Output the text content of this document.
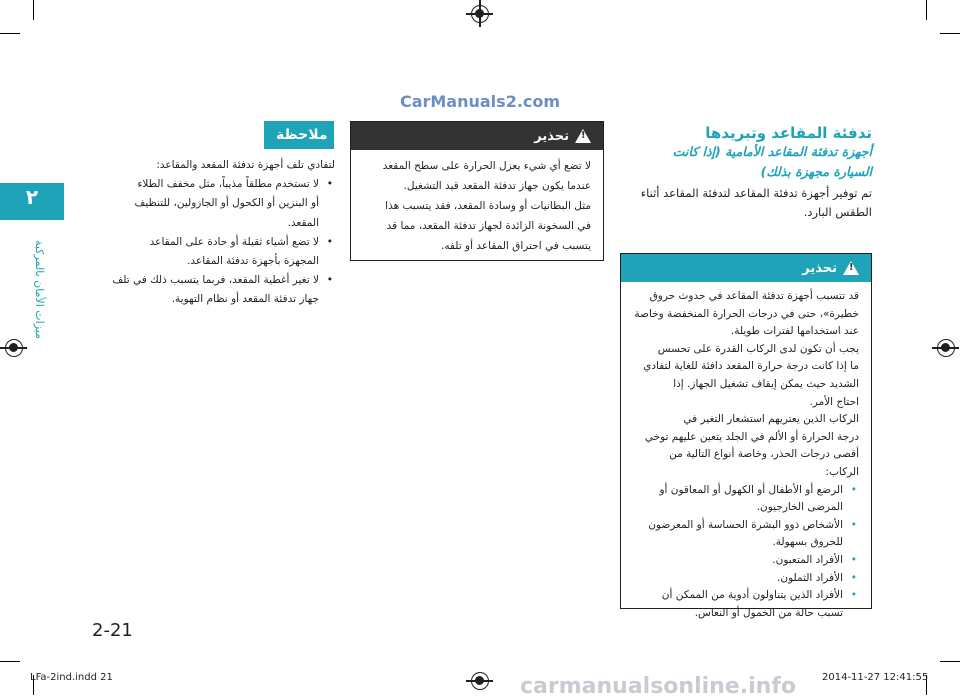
CarManuals2.com
٢
ميزات الأمان بالمركبة
تدفئة المقاعد وتبريدها
أجهزة تدفئة المقاعد الأمامية (إذا كانت
السيارة مجهزة بذلك)
تم توفير أجهزة تدفئة المقاعد لتدفئة المقاعد أثناء
الطقس البارد.
تحذير
!
قد تتسبب أجهزة تدفئة المقاعد في حدوث حروق
خطيرة»، حتى في درجات الحرارة المنخفضة وخاصة
عند استخدامها لفترات طويلة.
يجب أن تكون لدى الركاب القدرة على تحسس
ما إذا كانت درجة حرارة المقعد دافئة للغاية لتفادي
الشديد حيث يمكن إيقاف تشغيل الجهاز. إذا
احتاج الأمر.
الركاب الذين يعتريهم استشعار التغير في
درجة الحرارة أو الألم في الجلد يتعين عليهم توخي
أقصى درجات الحذر، وخاصة أنواع التالية من
الركاب:
• الرضع أو الأطفال أو الكهول أو المعاقون أو
المرضى الخارجيون.
• الأشخاص ذوو البشرة الحساسة أو المعرضون
للحروق بسهولة.
• الأفراد المتعبون.
• الأفراد الثملون.
• الأفراد الذين يتناولون أدوية من الممكن أن
تسبب حالة من الخمول أو النعاس.
تحذير
!
لا تضع أي شيء يعزل الحرارة على سطح المقعد
عندما يكون جهاز تدفئة المقعد قيد التشغيل.
مثل البطانيات أو وسادة المقعد، فقد يتسبب هذا
في السخونة الزائدة لجهاز تدفئة المقعد، مما قد
يتسبب في احتراق المقاعد أو تلفه.
ملاحظة
لتفادي تلف أجهزة تدفئة المقعد والمقاعد:
• لا تستخدم مطلقاً مذيباً، مثل مخفف الطلاء
أو البنزين أو الكحول أو الجازولين، للتنظيف
المقعد.
• لا تضع أشياء ثقيلة أو حادة على المقاعد
المجهزة بأجهزة تدفئة المقاعد.
• لا تغير أغطية المقعد، فربما يتسبب ذلك في تلف
جهاز تدفئة المقعد أو نظام التهوية.
2-21
LFa-2ind.indd 21	2014-11-27 12:41:55
carmanualsonline.info
